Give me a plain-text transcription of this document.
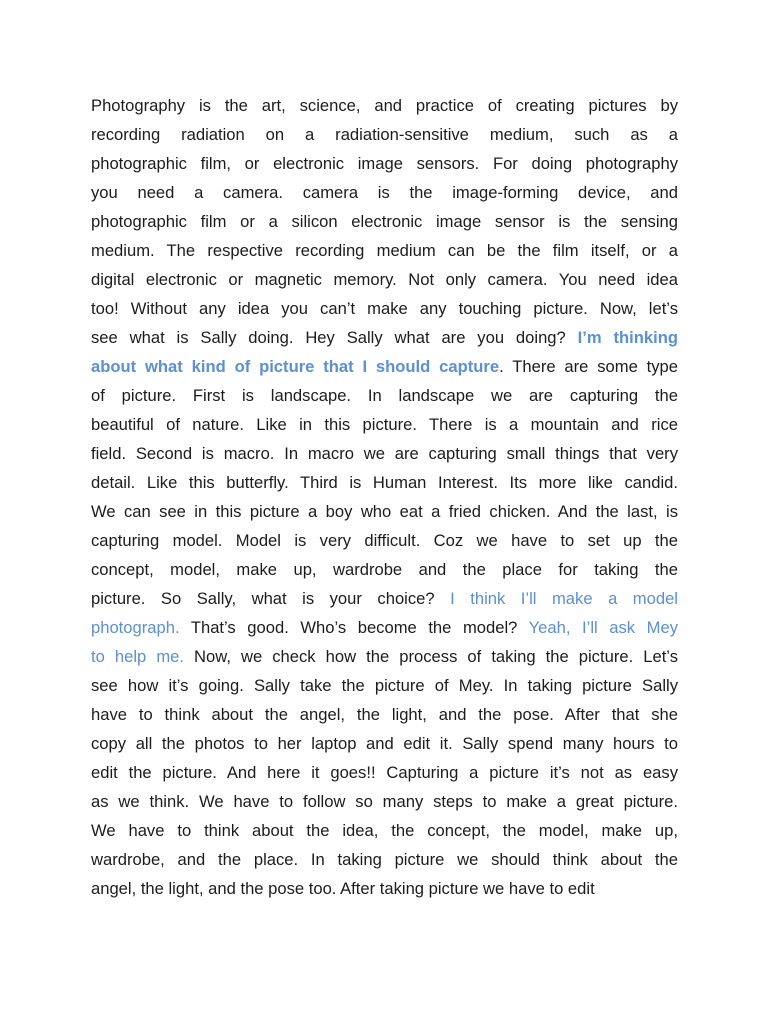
Photography is the art, science, and practice of creating pictures by
recording radiation on a radiation-sensitive medium, such as a
photographic film, or electronic image sensors. For doing photography
you need a camera. camera is the image-forming device, and
photographic film or a silicon electronic image sensor is the sensing
medium. The respective recording medium can be the film itself, or a
digital electronic or magnetic memory. Not only camera. You need idea
too! Without any idea you can’t make any touching picture. Now, let’s
see what is Sally doing. Hey Sally what are you doing? I’m thinking
about what kind of picture that I should capture. There are some type
of picture. First is landscape. In landscape we are capturing the
beautiful of nature. Like in this picture. There is a mountain and rice
field. Second is macro. In macro we are capturing small things that very
detail. Like this butterfly. Third is Human Interest. Its more like candid.
We can see in this picture a boy who eat a fried chicken. And the last, is
capturing model. Model is very difficult. Coz we have to set up the
concept, model, make up, wardrobe and the place for taking the
picture. So Sally, what is your choice? I think I’ll make a model
photograph. That’s good. Who’s become the model? Yeah, I’ll ask Mey
to help me. Now, we check how the process of taking the picture. Let’s
see how it’s going. Sally take the picture of Mey. In taking picture Sally
have to think about the angel, the light, and the pose. After that she
copy all the photos to her laptop and edit it. Sally spend many hours to
edit the picture. And here it goes!! Capturing a picture it’s not as easy
as we think. We have to follow so many steps to make a great picture.
We have to think about the idea, the concept, the model, make up,
wardrobe, and the place. In taking picture we should think about the
angel, the light, and the pose too. After taking picture we have to edit
